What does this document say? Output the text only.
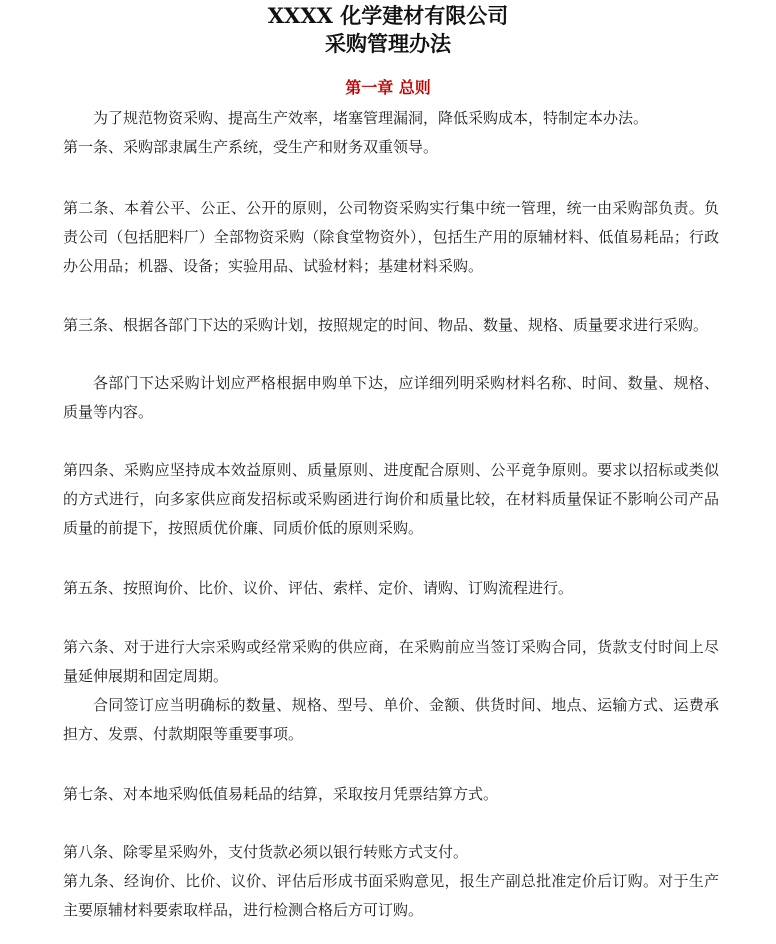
XXXX 化学建材有限公司
采购管理办法
第一章 总则

为了规范物资采购、提高生产效率，堵塞管理漏洞，降低采购成本，特制定本办法。

第一条、采购部隶属生产系统，受生产和财务双重领导。

第二条、本着公平、公正、公开的原则，公司物资采购实行集中统一管理，统一由采购部负责。负责公司（包括肥料厂）全部物资采购（除食堂物资外），包括生产用的原辅材料、低值易耗品；行政办公用品；机器、设备；实验用品、试验材料；基建材料采购。

第三条、根据各部门下达的采购计划，按照规定的时间、物品、数量、规格、质量要求进行采购。

各部门下达采购计划应严格根据申购单下达，应详细列明采购材料名称、时间、数量、规格、质量等内容。

第四条、采购应坚持成本效益原则、质量原则、进度配合原则、公平竟争原则。要求以招标或类似的方式进行，向多家供应商发招标或采购函进行询价和质量比较，在材料质量保证不影响公司产品质量的前提下，按照质优价廉、同质价低的原则采购。

第五条、按照询价、比价、议价、评估、索样、定价、请购、订购流程进行。

第六条、对于进行大宗采购或经常采购的供应商，在采购前应当签订采购合同，货款支付时间上尽量延伸展期和固定周期。

合同签订应当明确标的数量、规格、型号、单价、金额、供货时间、地点、运输方式、运费承担方、发票、付款期限等重要事项。

第七条、对本地采购低值易耗品的结算，采取按月凭票结算方式。

第八条、除零星采购外，支付货款必须以银行转账方式支付。

第九条、经询价、比价、议价、评估后形成书面采购意见，报生产副总批准定价后订购。对于生产主要原辅材料要索取样品，进行检测合格后方可订购。
